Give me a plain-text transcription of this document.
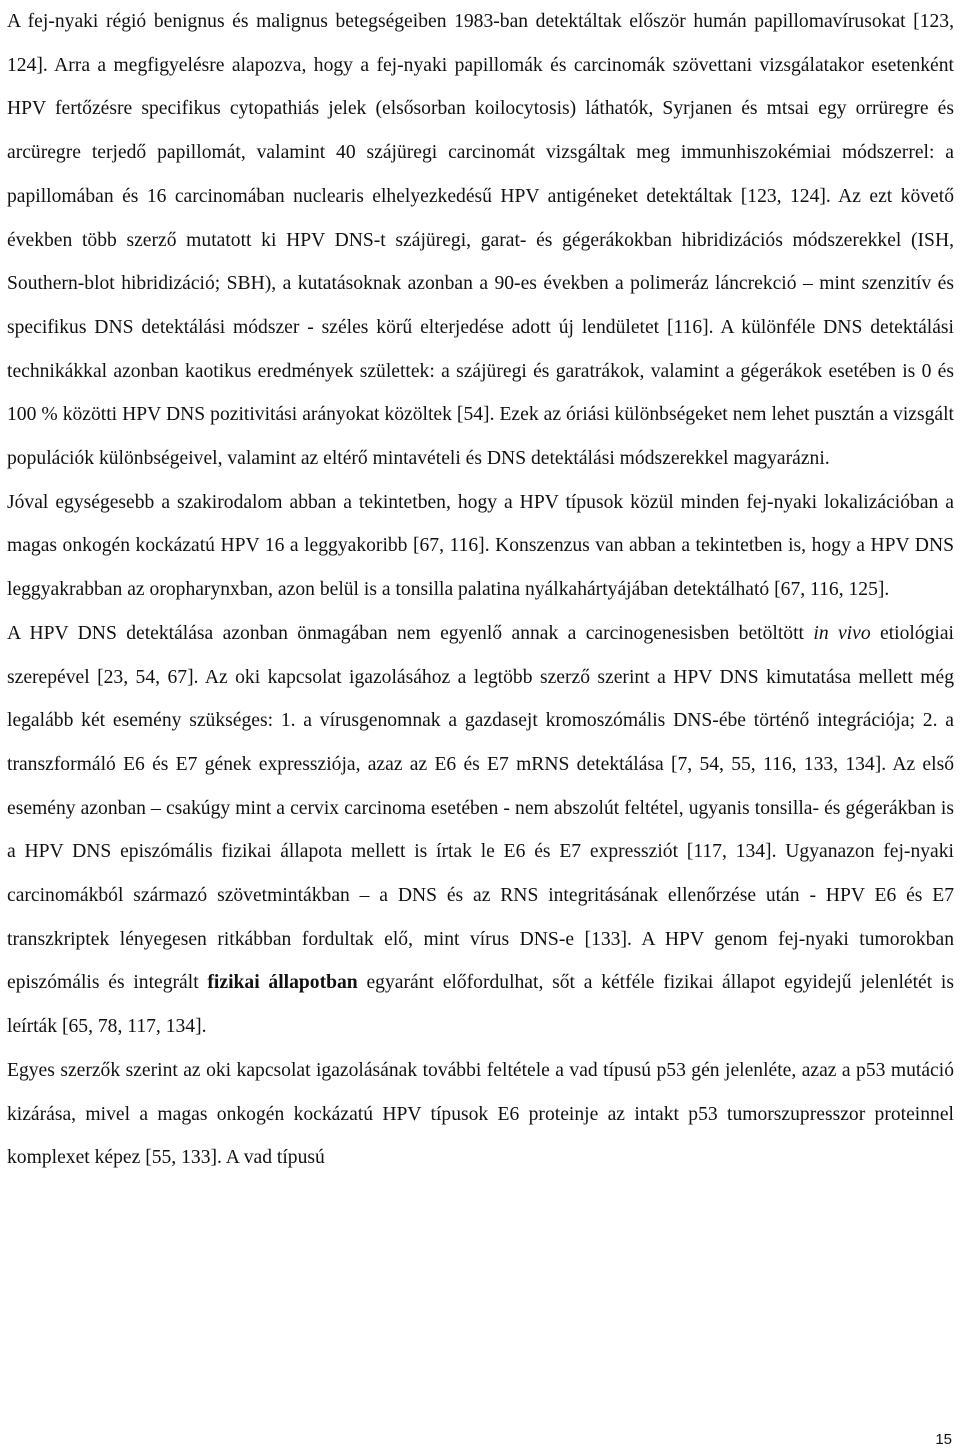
A fej-nyaki régió benignus és malignus betegségeiben 1983-ban detektáltak először humán papillomavírusokat [123, 124]. Arra a megfigyelésre alapozva, hogy a fej-nyaki papillomák és carcinomák szövettani vizsgálatakor esetenként HPV fertőzésre specifikus cytopathiás jelek (elsősorban koilocytosis) láthatók, Syrjanen és mtsai egy orrüregre és arcüregre terjedő papillomát, valamint 40 szájüregi carcinomát vizsgáltak meg immunhiszokémiai módszerrel: a papillomában és 16 carcinomában nuclearis elhelyezkedésű HPV antigéneket detektáltak [123, 124]. Az ezt követő években több szerző mutatott ki HPV DNS-t szájüregi, garat- és gégerákokban hibridizációs módszerekkel (ISH, Southern-blot hibridizáció; SBH), a kutatásoknak azonban a 90-es években a polimeráz láncrekció – mint szenzitív és specifikus DNS detektálási módszer - széles körű elterjedése adott új lendületet [116]. A különféle DNS detektálási technikákkal azonban kaotikus eredmények születtek: a szájüregi és garatrákok, valamint a gégerákok esetében is 0 és 100 % közötti HPV DNS pozitivitási arányokat közöltek [54]. Ezek az óriási különbségeket nem lehet pusztán a vizsgált populációk különbségeivel, valamint az eltérő mintavételi és DNS detektálási módszerekkel magyarázni.

Jóval egységesebb a szakirodalom abban a tekintetben, hogy a HPV típusok közül minden fej-nyaki lokalizációban a magas onkogén kockázatú HPV 16 a leggyakoribb [67, 116]. Konszenzus van abban a tekintetben is, hogy a HPV DNS leggyakrabban az oropharynxban, azon belül is a tonsilla palatina nyálkahártyájában detektálható [67, 116, 125].

A HPV DNS detektálása azonban önmagában nem egyenlő annak a carcinogenesisben betöltött in vivo etiológiai szerepével [23, 54, 67]. Az oki kapcsolat igazolásához a legtöbb szerző szerint a HPV DNS kimutatása mellett még legalább két esemény szükséges: 1. a vírusgenomnak a gazdasejt kromoszómális DNS-ébe történő integrációja; 2. a transzformáló E6 és E7 gének expressziója, azaz az E6 és E7 mRNS detektálása [7, 54, 55, 116, 133, 134]. Az első esemény azonban – csakúgy mint a cervix carcinoma esetében - nem abszolút feltétel, ugyanis tonsilla- és gégerákban is a HPV DNS episzómális fizikai állapota mellett is írtak le E6 és E7 expressziót [117, 134]. Ugyanazon fej-nyaki carcinomákból származó szövetmintákban – a DNS és az RNS integritásának ellenőrzése után - HPV E6 és E7 transzkriptek lényegesen ritkábban fordultak elő, mint vírus DNS-e [133]. A HPV genom fej-nyaki tumorokban episzómális és integrált fizikai állapotban egyaránt előfordulhat, sőt a kétféle fizikai állapot egyidejű jelenlétét is leírták [65, 78, 117, 134].

Egyes szerzők szerint az oki kapcsolat igazolásának további feltétele a vad típusú p53 gén jelenléte, azaz a p53 mutáció kizárása, mivel a magas onkogén kockázatú HPV típusok E6 proteinje az intakt p53 tumorszupresszor proteinnel komplexet képez [55, 133]. A vad típusú

15
